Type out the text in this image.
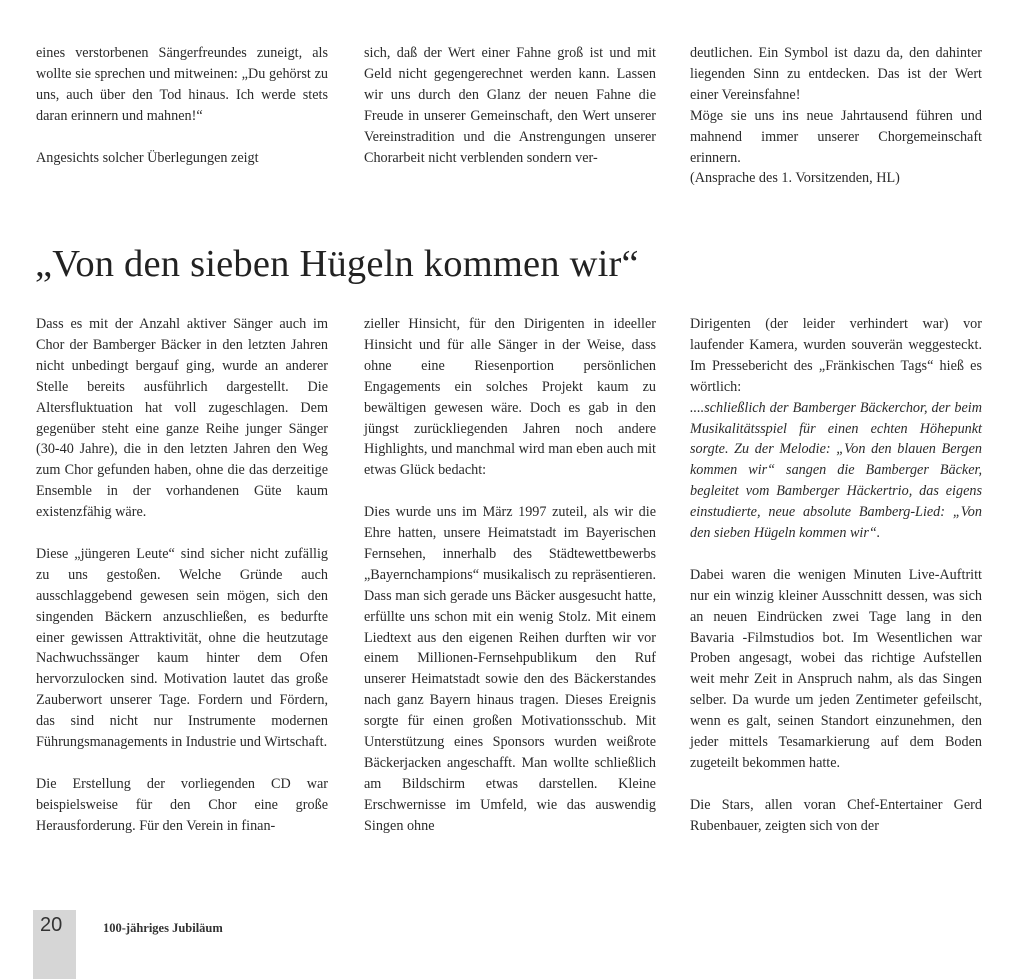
eines verstorbenen Sängerfreundes zuneigt, als wollte sie sprechen und mitweinen: „Du gehörst zu uns, auch über den Tod hinaus. Ich werde stets daran erinnern und mahnen!“

Angesichts solcher Überlegungen zeigt

sich, daß der Wert einer Fahne groß ist und mit Geld nicht gegengerechnet werden kann. Lassen wir uns durch den Glanz der neuen Fahne die Freude in unserer Gemeinschaft, den Wert unserer Vereinstradition und die Anstrengungen unserer Chorarbeit nicht verblenden sondern ver-

deutlichen. Ein Symbol ist dazu da, den dahinter liegenden Sinn zu entdecken. Das ist der Wert einer Vereinsfahne!

Möge sie uns ins neue Jahrtausend führen und mahnend immer unserer Chorgemeinschaft erinnern.

(Ansprache des 1. Vorsitzenden, HL)

„Von den sieben Hügeln kommen wir“

Dass es mit der Anzahl aktiver Sänger auch im Chor der Bamberger Bäcker in den letzten Jahren nicht unbedingt bergauf ging, wurde an anderer Stelle bereits ausführlich dargestellt. Die Altersfluktuation hat voll zugeschlagen. Dem gegenüber steht eine ganze Reihe junger Sänger (30-40 Jahre), die in den letzten Jahren den Weg zum Chor gefunden haben, ohne die das derzeitige Ensemble in der vorhandenen Güte kaum existenzfähig wäre.

Diese „jüngeren Leute“ sind sicher nicht zufällig zu uns gestoßen. Welche Gründe auch ausschlaggebend gewesen sein mögen, sich den singenden Bäckern anzuschließen, es bedurfte einer gewissen Attraktivität, ohne die heutzutage Nachwuchssänger kaum hinter dem Ofen hervorzulocken sind. Motivation lautet das große Zauberwort unserer Tage. Fordern und Fördern, das sind nicht nur Instrumente modernen Führungsmanagements in Industrie und Wirtschaft.

Die Erstellung der vorliegenden CD war beispielsweise für den Chor eine große Herausforderung. Für den Verein in finan-

zieller Hinsicht, für den Dirigenten in ideeller Hinsicht und für alle Sänger in der Weise, dass ohne eine Riesenportion persönlichen Engagements ein solches Projekt kaum zu bewältigen gewesen wäre. Doch es gab in den jüngst zurückliegenden Jahren noch andere Highlights, und manchmal wird man eben auch mit etwas Glück bedacht:

Dies wurde uns im März 1997 zuteil, als wir die Ehre hatten, unsere Heimatstadt im Bayerischen Fernsehen, innerhalb des Städtewettbewerbs „Bayernchampions“ musikalisch zu repräsentieren. Dass man sich gerade uns Bäcker ausgesucht hatte, erfüllte uns schon mit ein wenig Stolz. Mit einem Liedtext aus den eigenen Reihen durften wir vor einem Millionen-Fernsehpublikum den Ruf unserer Heimatstadt sowie den des Bäckerstandes nach ganz Bayern hinaus tragen. Dieses Ereignis sorgte für einen großen Motivationsschub. Mit Unterstützung eines Sponsors wurden weißrote Bäckerjacken angeschafft. Man wollte schließlich am Bildschirm etwas darstellen. Kleine Erschwernisse im Umfeld, wie das auswendig Singen ohne

Dirigenten (der leider verhindert war) vor laufender Kamera, wurden souverän weggesteckt. Im Pressebericht des „Fränkischen Tags“ hieß es wörtlich:

....schließlich der Bamberger Bäckerchor, der beim Musikalitätsspiel für einen echten Höhepunkt sorgte. Zu der Melodie: „Von den blauen Bergen kommen wir“ sangen die Bamberger Bäcker, begleitet vom Bamberger Häckertrio, das eigens einstudierte, neue absolute Bamberg-Lied: „Von den sieben Hügeln kommen wir“.

Dabei waren die wenigen Minuten Live-Auftritt nur ein winzig kleiner Ausschnitt dessen, was sich an neuen Eindrücken zwei Tage lang in den Bavaria -Filmstudios bot. Im Wesentlichen war Proben angesagt, wobei das richtige Aufstellen weit mehr Zeit in Anspruch nahm, als das Singen selber. Da wurde um jeden Zentimeter gefeilscht, wenn es galt, seinen Standort einzunehmen, den jeder mittels Tesamarkierung auf dem Boden zugeteilt bekommen hatte.

Die Stars, allen voran Chef-Entertainer Gerd Rubenbauer, zeigten sich von der

20	100-jähriges Jubiläum
